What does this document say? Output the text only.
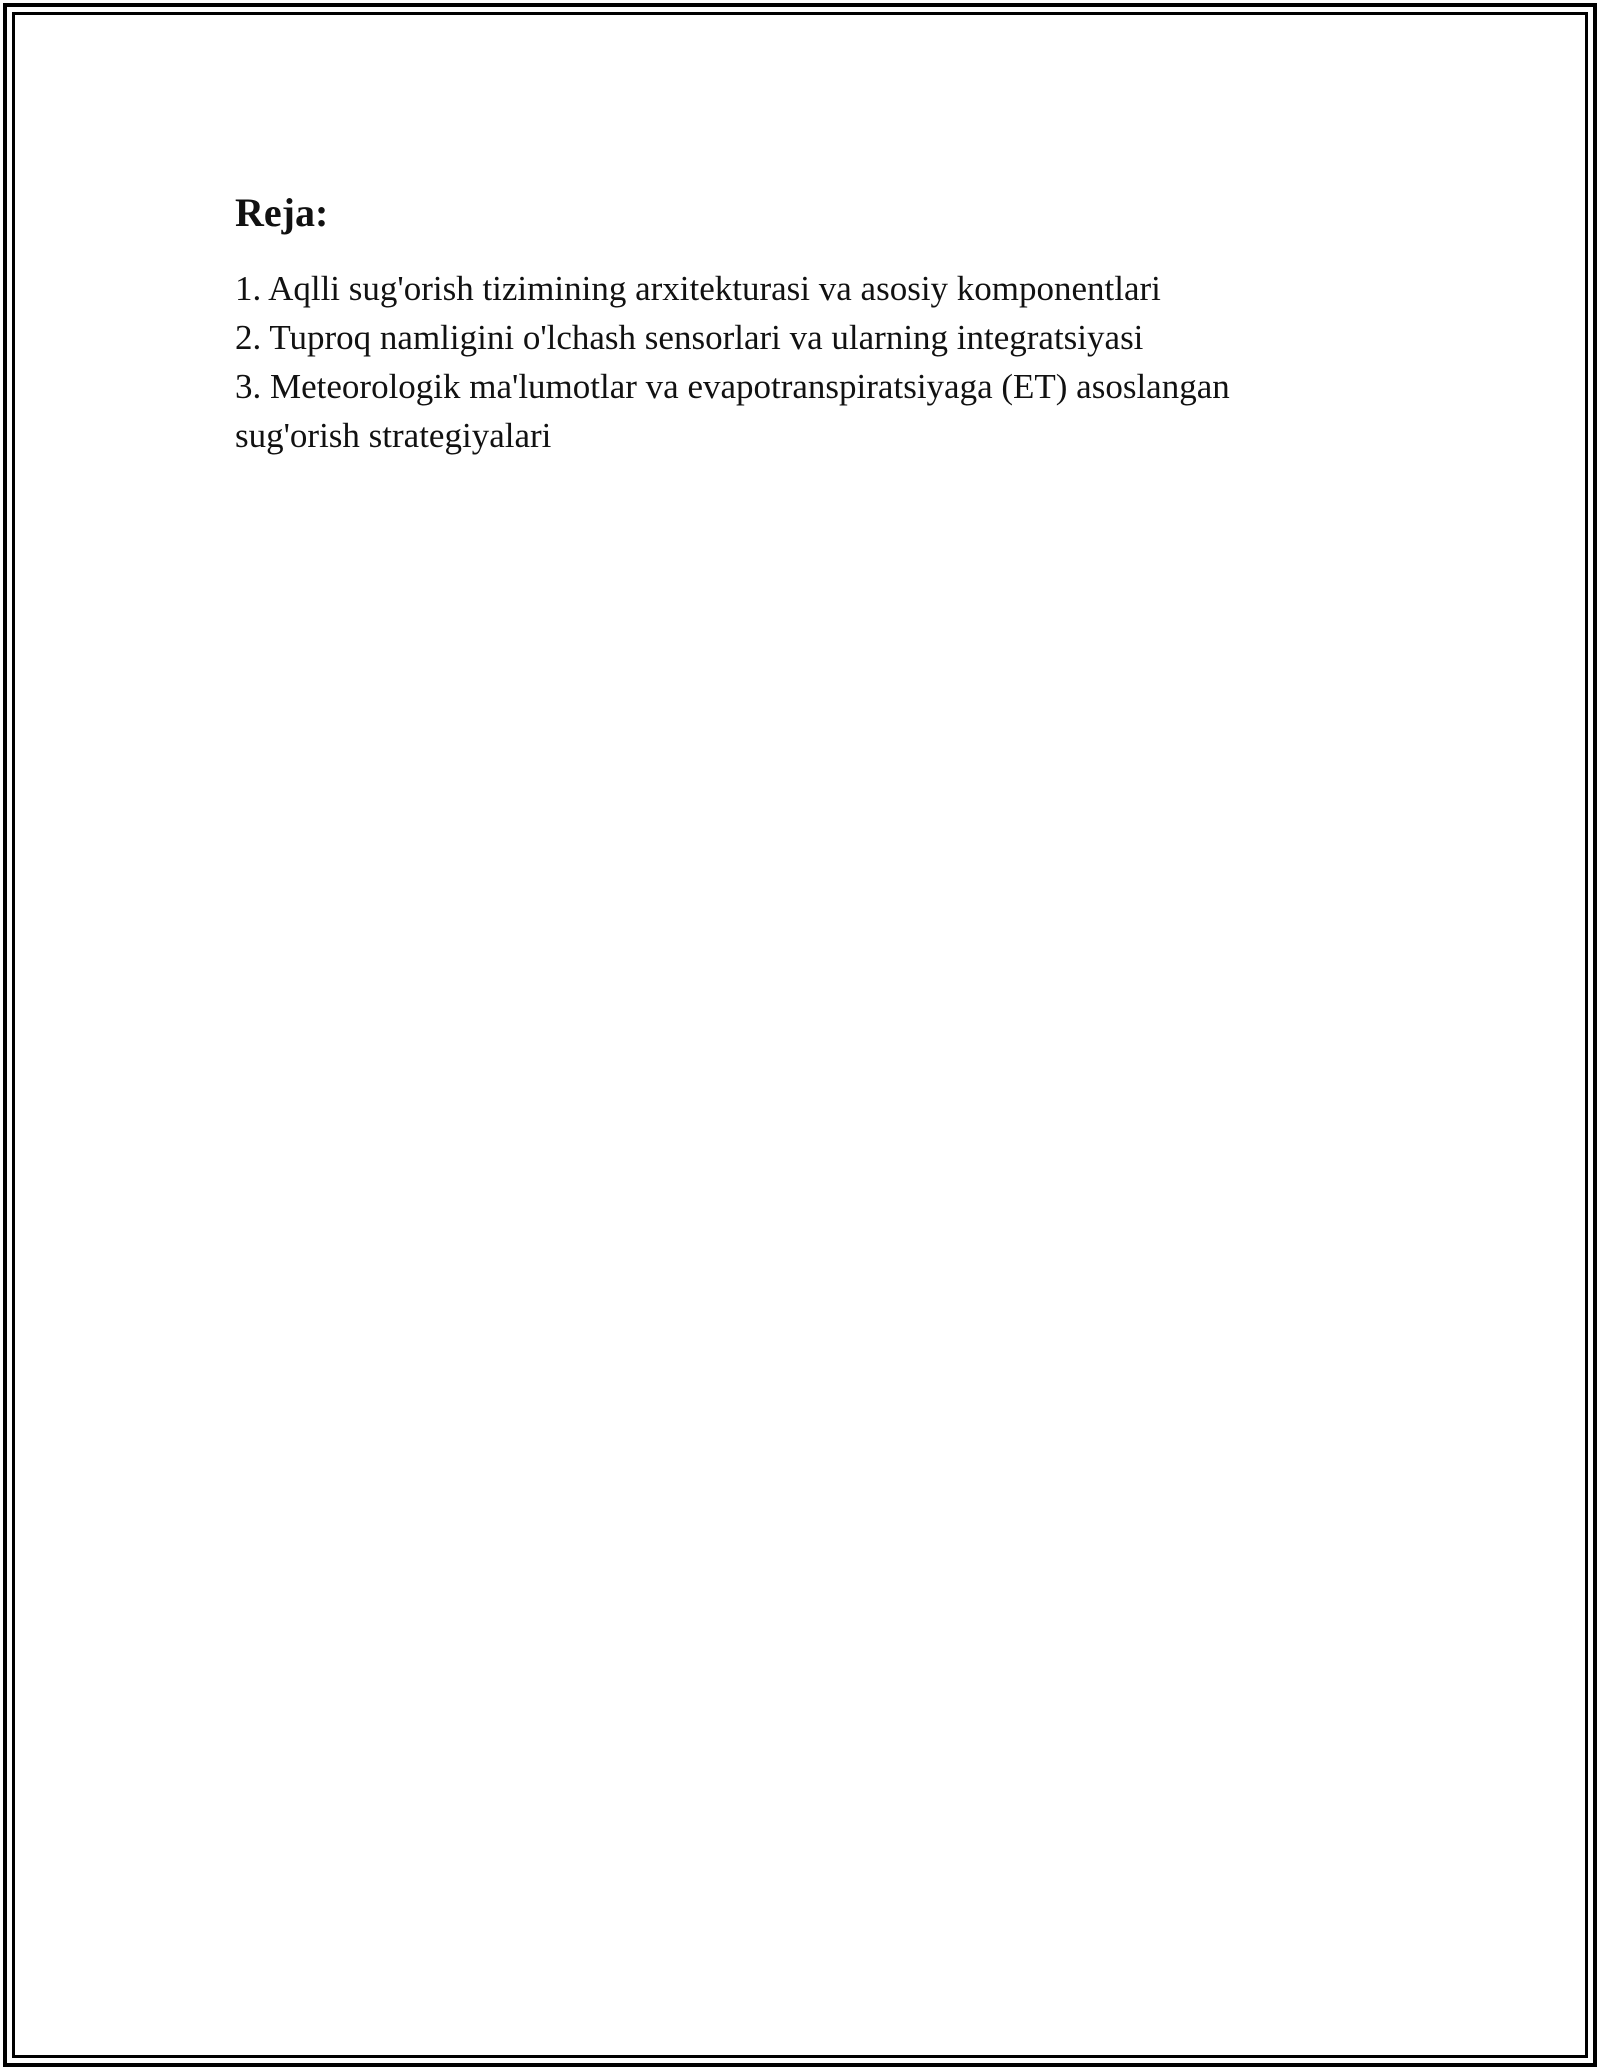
Reja:
1. Aqlli sug'orish tizimining arxitekturasi va asosiy komponentlari
2. Tuproq namligini o'lchash sensorlari va ularning integratsiyasi
3. Meteorologik ma'lumotlar va evapotranspiratsiyaga (ET) asoslangan sug'orish strategiyalari
